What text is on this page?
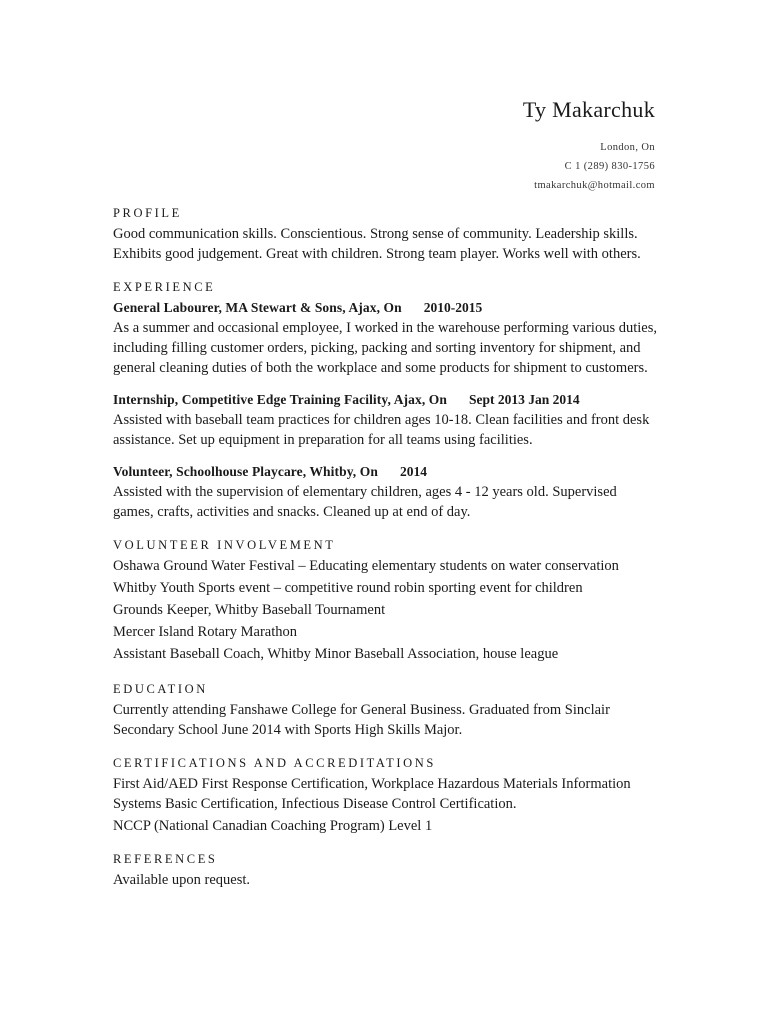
Ty Makarchuk
London, On
C 1 (289) 830-1756
tmakarchuk@hotmail.com
PROFILE

Good communication skills. Conscientious. Strong sense of community. Leadership skills. Exhibits good judgement. Great with children. Strong team player. Works well with others.

EXPERIENCE
General Labourer, MA Stewart & Sons, Ajax, On 2010-2015

As a summer and occasional employee, I worked in the warehouse performing various duties, including filling customer orders, picking, packing and sorting inventory for shipment, and general cleaning duties of both the workplace and some products for shipment to customers.

Internship, Competitive Edge Training Facility, Ajax, On Sept 2013 Jan 2014

Assisted with baseball team practices for children ages 10-18. Clean facilities and front desk assistance. Set up equipment in preparation for all teams using facilities.

Volunteer, Schoolhouse Playcare, Whitby, On 2014

Assisted with the supervision of elementary children, ages 4 - 12 years old. Supervised games, crafts, activities and snacks. Cleaned up at end of day.

VOLUNTEER INVOLVEMENT

Oshawa Ground Water Festival – Educating elementary students on water conservation

Whitby Youth Sports event – competitive round robin sporting event for children

Grounds Keeper, Whitby Baseball Tournament

Mercer Island Rotary Marathon

Assistant Baseball Coach, Whitby Minor Baseball Association, house league

EDUCATION

Currently attending Fanshawe College for General Business. Graduated from Sinclair Secondary School June 2014 with Sports High Skills Major.

CERTIFICATIONS AND ACCREDITATIONS

First Aid/AED First Response Certification, Workplace Hazardous Materials Information Systems Basic Certification, Infectious Disease Control Certification.

NCCP (National Canadian Coaching Program) Level 1

REFERENCES

Available upon request.
